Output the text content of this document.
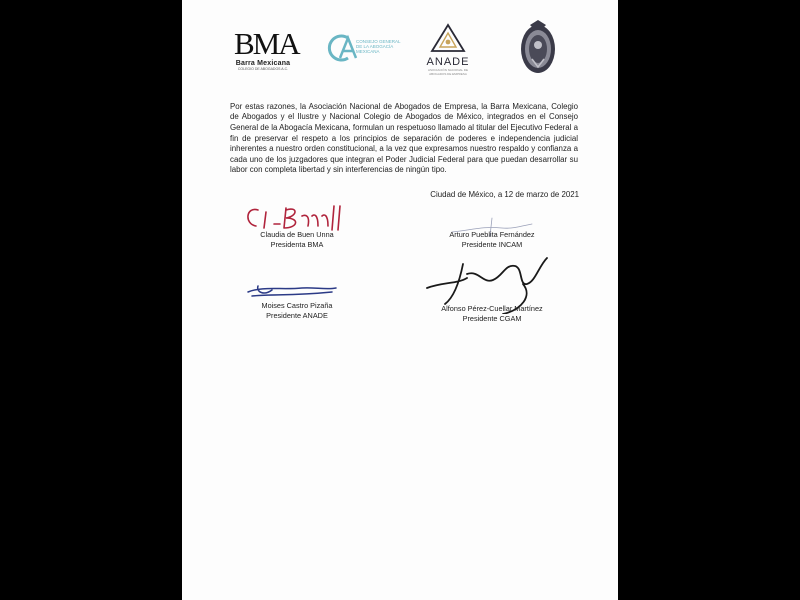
BMA
Barra Mexicana
COLEGIO DE ABOGADOS A.C.
CONSEJO GENERAL DE LA ABOGACÍA MEXICANA
ANADE
ASOCIACIÓN NACIONAL DE ABOGADOS DE EMPRESA

Por estas razones, la Asociación Nacional de Abogados de Empresa, la Barra Mexicana, Colegio de Abogados y el Ilustre y Nacional Colegio de Abogados de México, integrados en el Consejo General de la Abogacía Mexicana, formulan un respetuoso llamado al titular del Ejecutivo Federal a fin de preservar el respeto a los principios de separación de poderes e independencia judicial inherentes a nuestro orden constitucional, a la vez que expresamos nuestro respaldo y confianza a cada uno de los juzgadores que integran el Poder Judicial Federal para que puedan desarrollar su labor con completa libertad y sin interferencias de ningún tipo.

Ciudad de México, a 12 de marzo de 2021
Claudia de Buen Unna
Presidenta BMA
Arturo Pueblita Fernández
Presidente INCAM
Moises Castro Pizaña
Presidente ANADE
Alfonso Pérez-Cuellar Martínez
Presidente CGAM
